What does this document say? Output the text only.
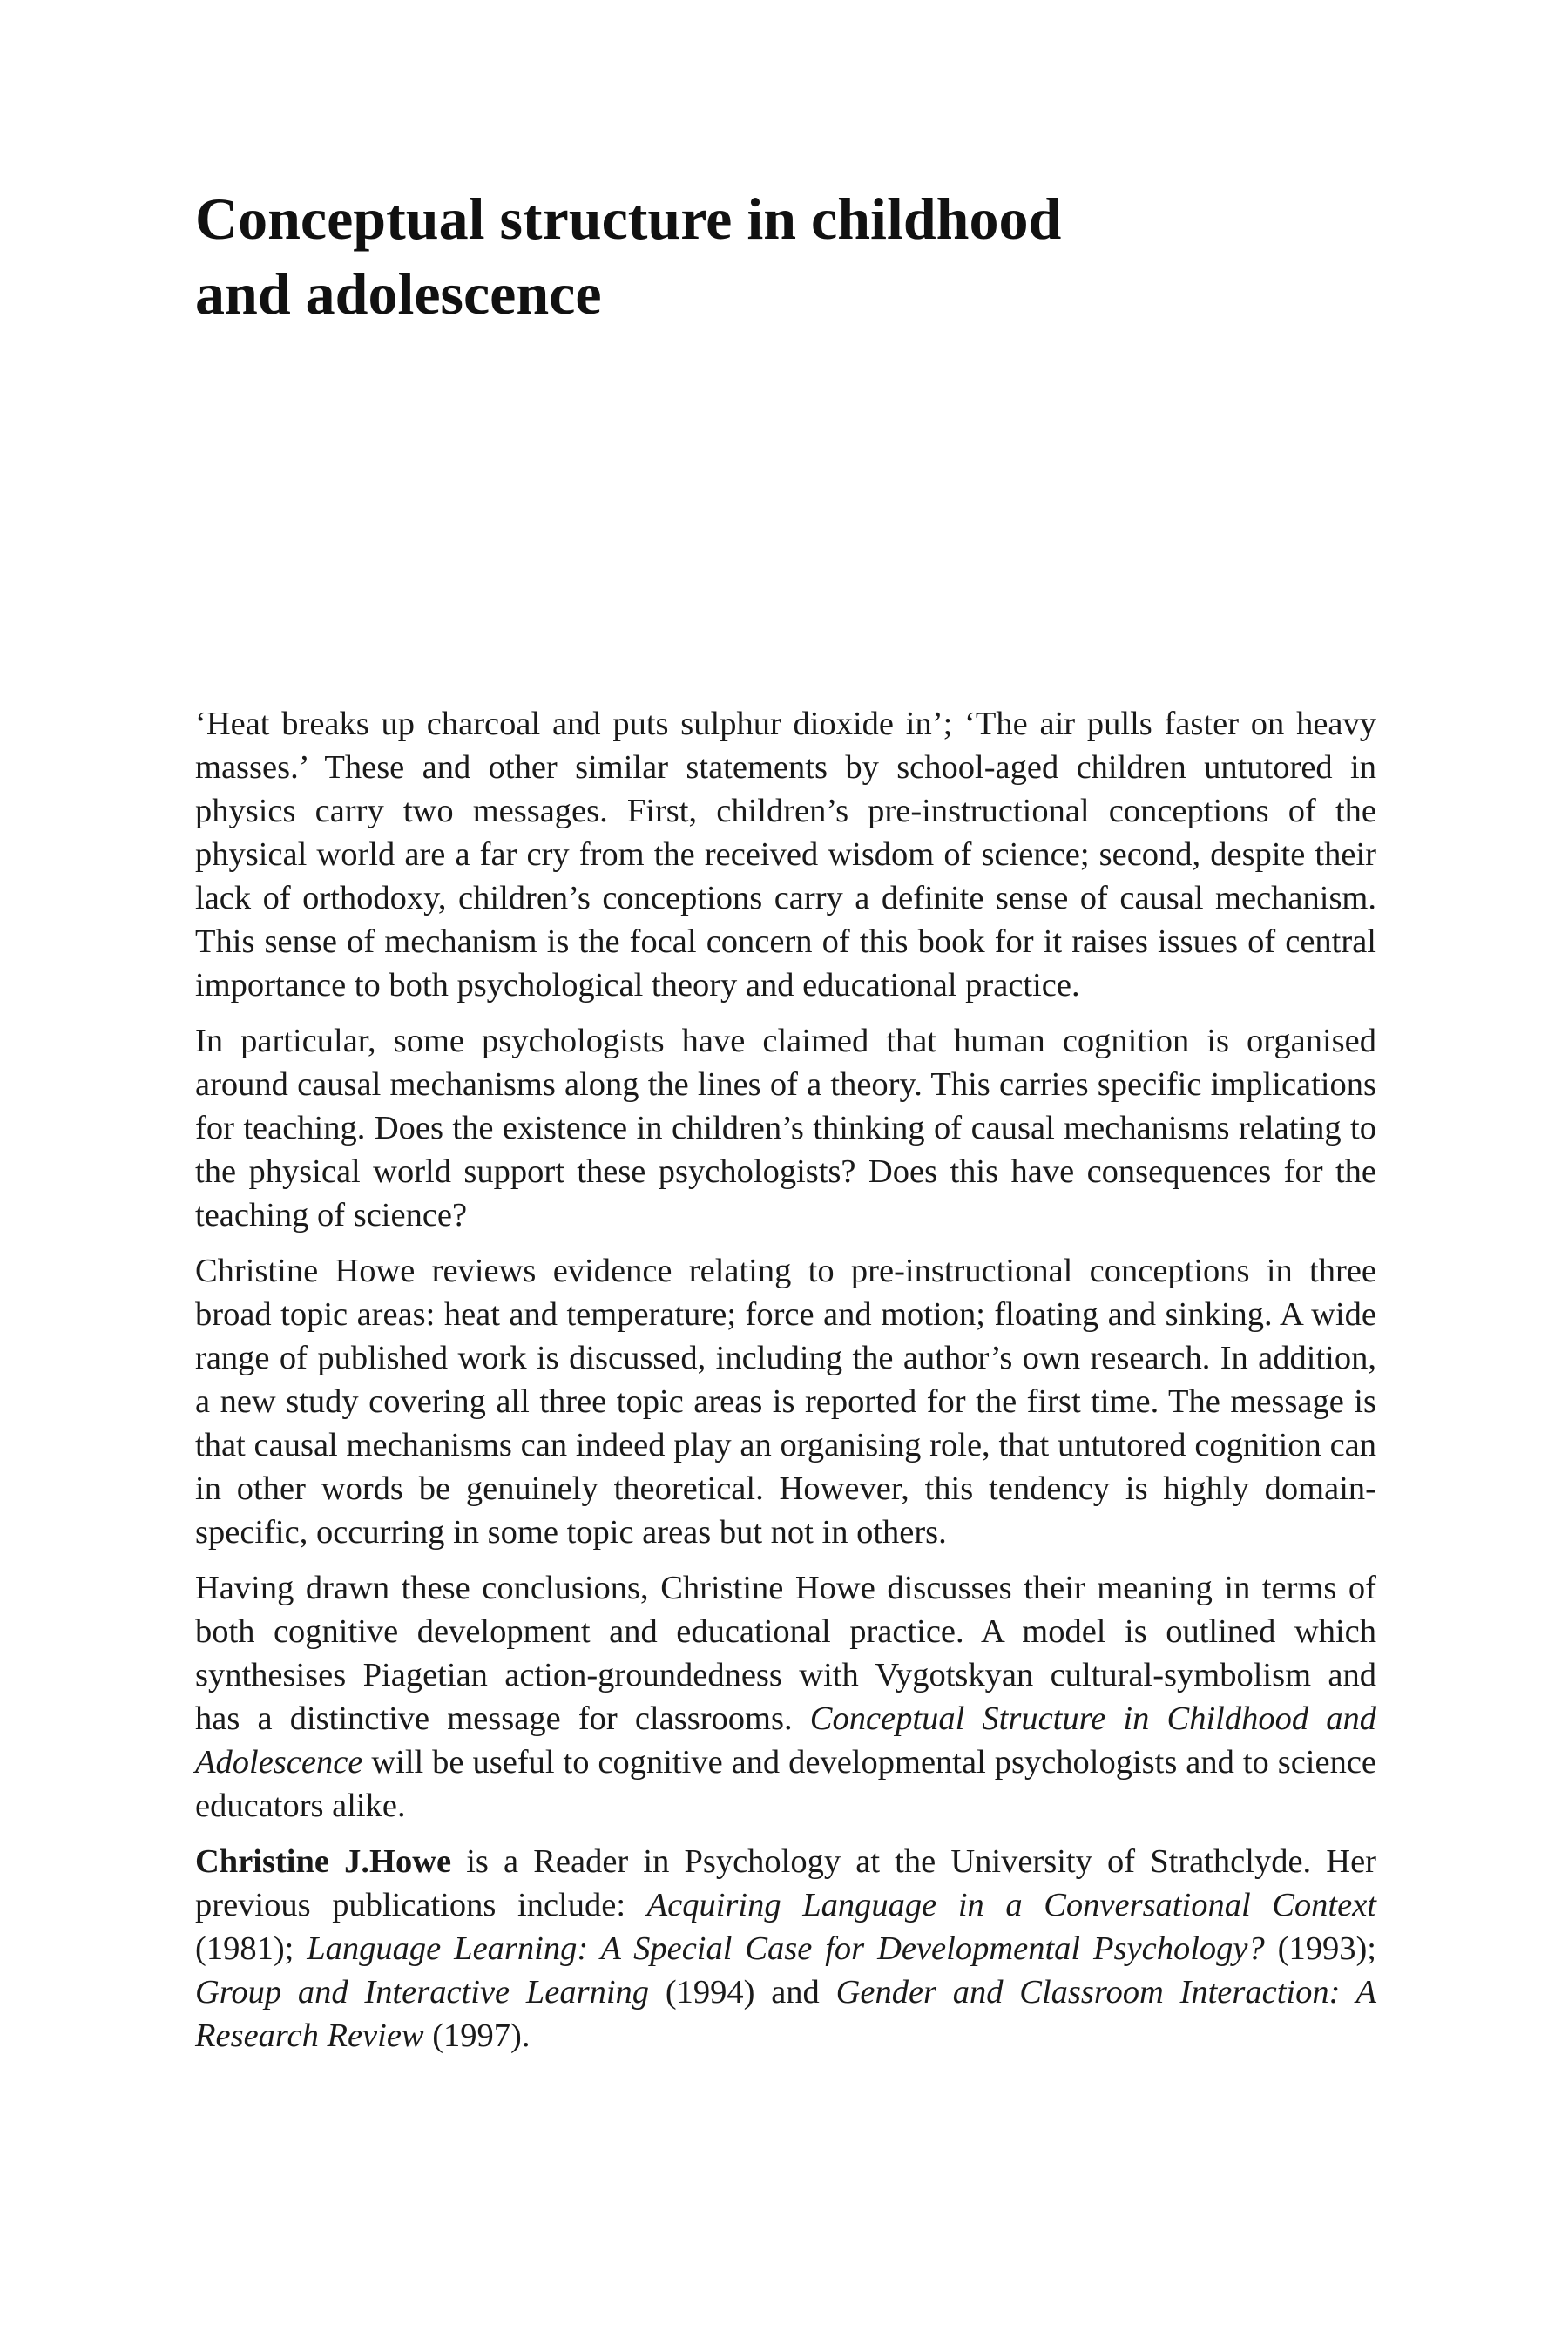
Conceptual structure in childhood
and adolescence

‘Heat breaks up charcoal and puts sulphur dioxide in’; ‘The air pulls faster on heavy masses.’ These and other similar statements by school-aged children untutored in physics carry two messages. First, children’s pre-instructional conceptions of the physical world are a far cry from the received wisdom of science; second, despite their lack of orthodoxy, children’s conceptions carry a definite sense of causal mechanism. This sense of mechanism is the focal concern of this book for it raises issues of central importance to both psychological theory and educational practice.

In particular, some psychologists have claimed that human cognition is organised around causal mechanisms along the lines of a theory. This carries specific implications for teaching. Does the existence in children’s thinking of causal mechanisms relating to the physical world support these psychologists? Does this have consequences for the teaching of science?

Christine Howe reviews evidence relating to pre-instructional conceptions in three broad topic areas: heat and temperature; force and motion; floating and sinking. A wide range of published work is discussed, including the author’s own research. In addition, a new study covering all three topic areas is reported for the first time. The message is that causal mechanisms can indeed play an organising role, that untutored cognition can in other words be genuinely theoretical. However, this tendency is highly domain-specific, occurring in some topic areas but not in others.

Having drawn these conclusions, Christine Howe discusses their meaning in terms of both cognitive development and educational practice. A model is outlined which synthesises Piagetian action-groundedness with Vygotskyan cultural-symbolism and has a distinctive message for classrooms. Conceptual Structure in Childhood and Adolescence will be useful to cognitive and developmental psychologists and to science educators alike.

Christine J.Howe is a Reader in Psychology at the University of Strathclyde. Her previous publications include: Acquiring Language in a Conversational Context (1981); Language Learning: A Special Case for Developmental Psychology? (1993); Group and Interactive Learning (1994) and Gender and Classroom Interaction: A Research Review (1997).
